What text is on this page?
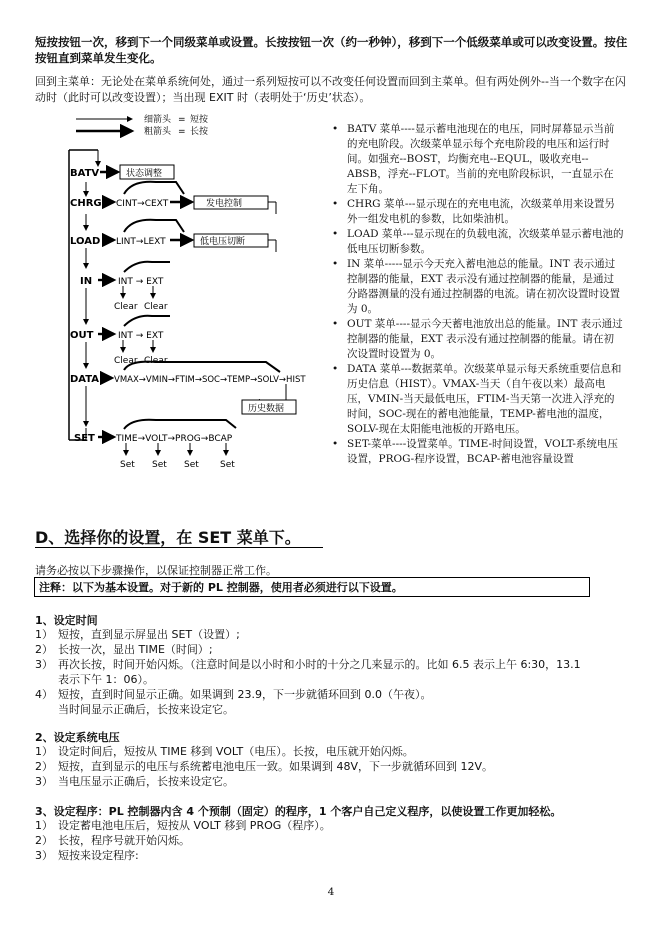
短按按钮一次，移到下一个同级菜单或设置。长按按钮一次（约一秒钟），移到下一个低级菜单或可以改变设置。按住按钮直到菜单发生变化。
回到主菜单：无论处在菜单系统何处，通过一系列短按可以不改变任何设置而回到主菜单。但有两处例外--当一个数字在闪动时（此时可以改变设置）；当出现 EXIT 时（表明处于‘历史’状态）。
细箭头 = 短按
粗箭头 = 长按
BATV	状态调整
CHRG CINT→CEXT	发电控制
LOAD LINT→LEXT	低电压切断
IN	INT → EXT
Clear Clear
OUT	INT → EXT
Clear Clear
DATA VMAX→VMIN→FTIM→SOC→TEMP→SOLV→HIST
历史数据
SET TIME→VOLT→PROG→BCAP
Set Set Set Set
• BATV 菜单----显示蓄电池现在的电压，同时屏幕显示当前的充电阶段。次级菜单显示每个充电阶段的电压和运行时间。如强充--BOST，均衡充电--EQUL，吸收充电--ABSB，浮充--FLOT。当前的充电阶段标识，一直显示在左下角。
• CHRG 菜单---显示现在的充电电流，次级菜单用来设置另外一组发电机的参数，比如柴油机。
• LOAD 菜单---显示现在的负载电流，次级菜单显示蓄电池的低电压切断参数。
• IN 菜单-----显示今天充入蓄电池总的能量。INT 表示通过控制器的能量，EXT 表示没有通过控制器的能量，是通过分路器测量的没有通过控制器的电流。请在初次设置时设置为 0。
• OUT 菜单----显示今天蓄电池放出总的能量。INT 表示通过控制器的能量，EXT 表示没有通过控制器的能量。请在初次设置时设置为 0。
• DATA 菜单---数据菜单。次级菜单显示每天系统重要信息和历史信息（HIST）。VMAX-当天（自午夜以来）最高电压，VMIN-当天最低电压，FTIM-当天第一次进入浮充的时间，SOC-现在的蓄电池能量，TEMP-蓄电池的温度，SOLV-现在太阳能电池板的开路电压。
• SET-菜单----设置菜单。TIME-时间设置，VOLT-系统电压设置，PROG-程序设置，BCAP-蓄电池容量设置
D、选择你的设置，在 SET 菜单下。
请务必按以下步骤操作，以保证控制器正常工作。
注释：以下为基本设置。对于新的 PL 控制器，使用者必须进行以下设置。
1、设定时间
1） 短按，直到显示屏显出 SET（设置）;
2） 长按一次，显出 TIME（时间）;
3） 再次长按，时间开始闪烁。（注意时间是以小时和小时的十分之几来显示的。比如 6.5 表示上午 6:30，13.1
表示下午 1：06）。
4） 短按，直到时间显示正确。如果调到 23.9，下一步就循环回到 0.0（午夜）。
当时间显示正确后，长按来设定它。
2、设定系统电压
1） 设定时间后，短按从 TIME 移到 VOLT（电压）。长按，电压就开始闪烁。
2） 短按，直到显示的电压与系统蓄电池电压一致。如果调到 48V，下一步就循环回到 12V。
3） 当电压显示正确后，长按来设定它。
3、设定程序：PL 控制器内含 4 个预制（固定）的程序，1 个客户自己定义程序，以使设置工作更加轻松。
1） 设定蓄电池电压后，短按从 VOLT 移到 PROG（程序）。
2） 长按，程序号就开始闪烁。
3） 短按来设定程序:
4
